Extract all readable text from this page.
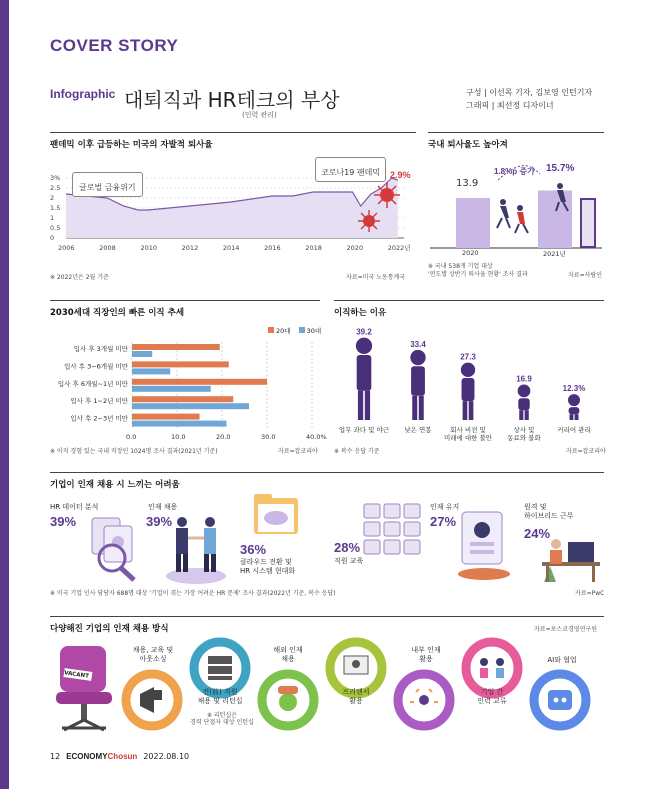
COVER STORY
Infographic 대퇴직과 HR테크의 부상
(인력 관리)
구성 | 이선목 기자, 김보영 인턴기자
그래픽 | 최선정 디자이너
팬데믹 이후 급등하는 미국의 자발적 퇴사율
0
0.5
1
1.5
2
2.5
3%
2006	2008	2010	2012	2014	2016	2018	2020	2022년
글로벌 금융위기
코로나19 팬데믹	2.9%
※ 2022년은 2월 기준	자료=미국 노동통계국
국내 퇴사율도 높아져
13.9
15.7%
1.8%p 증가
2020	2021년
※ 국내 538개 기업 대상
'연도별 상반기 퇴사율 현황' 조사 결과	자료=사람인
2030세대 직장인의 빠른 이직 추세
20대	30대
0.0	10.0	20.0	30.0	40.0%
입사 후 3개월 미만
입사 후 3~6개월 미만
입사 후 6개월~1년 미만
입사 후 1~2년 미만
입사 후 2~3년 미만
※ 이직 경험 있는 국내 직장인 1024명 조사 결과(2021년 기준)	자료=잡코리아
이직하는 이유
39.2
33.4
27.3
16.9
12.3%
업무 과다 및 야근	낮은 연봉	회사 비전 및
미래에 대한 불안
상사 및
동료와 불화
커리어 관리
※ 복수 응답 기준	자료=잡코리아
기업이 인재 채용 시 느끼는 어려움
HR 데이터 분석
39%
인재 채용
39%
36%
클라우드 전환 및
HR 시스템 현대화
28%
직원 교육
인재 유지
27%
원격 및
하이브리드 근무
24%
※ 미국 기업 인사 담당자 688명 대상 '기업이 겪는 가장 어려운 HR 문제' 조사 결과(2022년 기준, 복수 응답)	자료=PwC
다양해진 기업의 인재 채용 방식	자료=포스코경영연구원
VACANT
채용, 교육 및
아웃소싱
전(前) 직원
채용 및 리턴십
※ 리턴십은
경력 단절자 대상 인턴십
해외 인재
채용
프리랜서
활용
내부 인재
활용
기업 간
인력 교류
AI와 협업
12 ECONOMYChosun 2022.08.10
